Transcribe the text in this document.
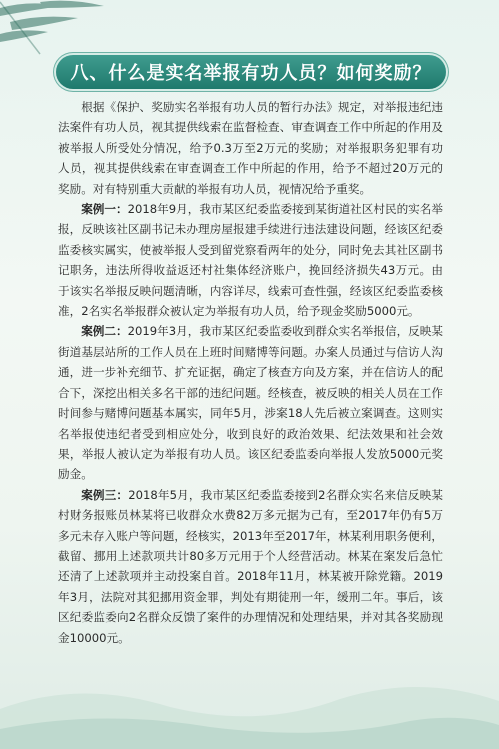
八、什么是实名举报有功人员？如何奖励？

根据《保护、奖励实名举报有功人员的暂行办法》规定，对举报违纪违法案件有功人员，视其提供线索在监督检查、审查调查工作中所起的作用及被举报人所受处分情况，给予0.3万至2万元的奖励；对举报职务犯罪有功人员，视其提供线索在审查调查工作中所起的作用，给予不超过20万元的奖励。对有特别重大贡献的举报有功人员，视情况给予重奖。

案例一：2018年9月，我市某区纪委监委接到某街道社区村民的实名举报，反映该社区副书记未办理房屋报建手续进行违法建设问题，经该区纪委监委核实属实，使被举报人受到留党察看两年的处分，同时免去其社区副书记职务，违法所得收益返还村社集体经济账户，挽回经济损失43万元。由于该实名举报反映问题清晰，内容详尽，线索可查性强，经该区纪委监委核准，2名实名举报群众被认定为举报有功人员，给予现金奖励5000元。

案例二：2019年3月，我市某区纪委监委收到群众实名举报信，反映某街道基层站所的工作人员在上班时间赌博等问题。办案人员通过与信访人沟通，进一步补充细节、扩充证据，确定了核查方向及方案，并在信访人的配合下，深挖出相关多名干部的违纪问题。经核查，被反映的相关人员在工作时间参与赌博问题基本属实，同年5月，涉案18人先后被立案调查。这则实名举报使违纪者受到相应处分，收到良好的政治效果、纪法效果和社会效果，举报人被认定为举报有功人员。该区纪委监委向举报人发放5000元奖励金。

案例三：2018年5月，我市某区纪委监委接到2名群众实名来信反映某村财务报账员林某将已收群众水费82万多元据为己有，至2017年仍有5万多元未存入账户等问题，经核实，2013年至2017年，林某利用职务便利，截留、挪用上述款项共计80多万元用于个人经营活动。林某在案发后急忙还清了上述款项并主动投案自首。2018年11月，林某被开除党籍。2019年3月，法院对其犯挪用资金罪，判处有期徒刑一年，缓刑二年。事后，该区纪委监委向2名群众反馈了案件的办理情况和处理结果，并对其各奖励现金10000元。
